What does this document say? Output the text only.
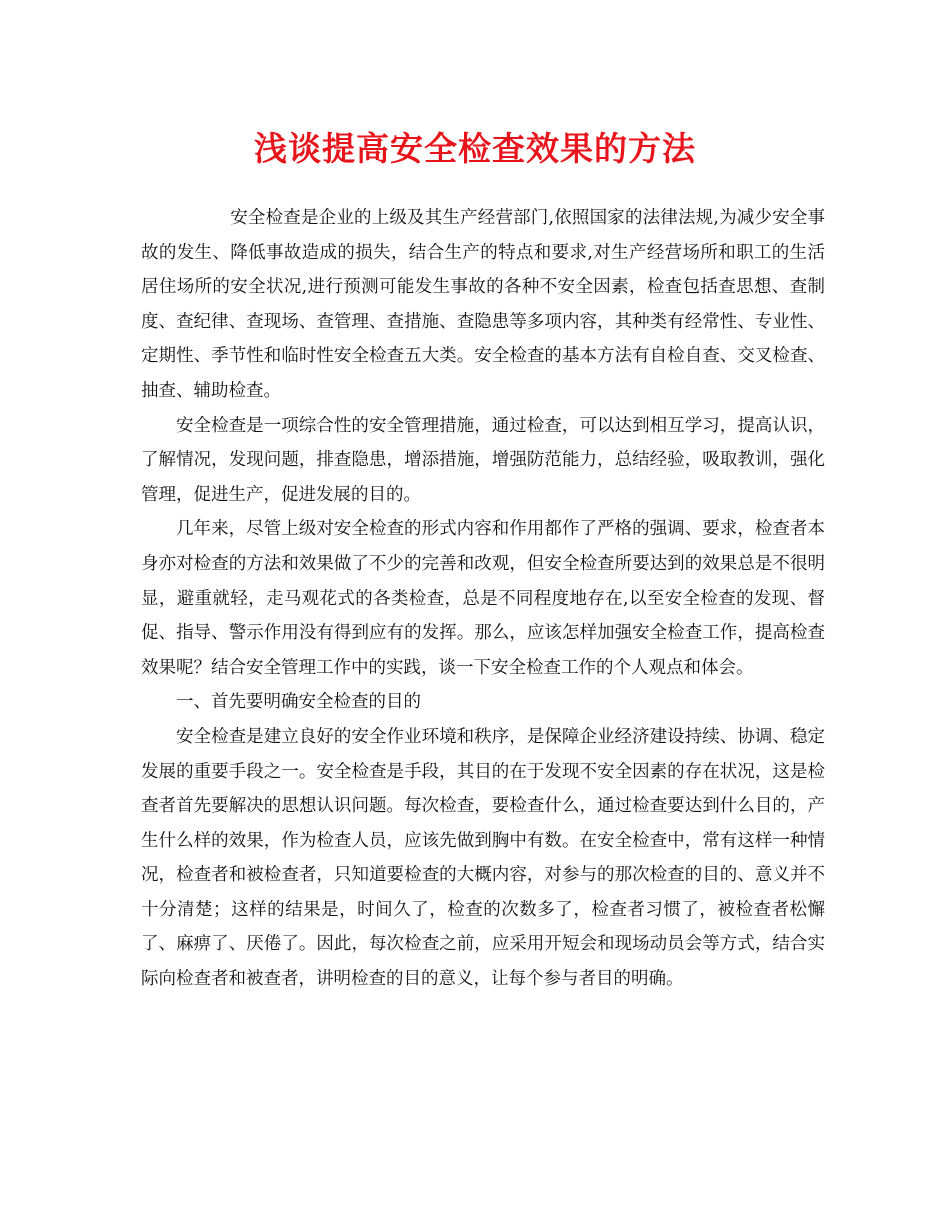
浅谈提高安全检查效果的方法

安全检查是企业的上级及其生产经营部门,依照国家的法律法规,为减少安全事故的发生、降低事故造成的损失，结合生产的特点和要求,对生产经营场所和职工的生活居住场所的安全状况,进行预测可能发生事故的各种不安全因素，检查包括查思想、查制度、查纪律、查现场、查管理、查措施、查隐患等多项内容，其种类有经常性、专业性、定期性、季节性和临时性安全检查五大类。安全检查的基本方法有自检自查、交叉检查、抽查、辅助检查。

安全检查是一项综合性的安全管理措施，通过检查，可以达到相互学习，提高认识，了解情况，发现问题，排查隐患，增添措施，增强防范能力，总结经验，吸取教训，强化管理，促进生产，促进发展的目的。

几年来，尽管上级对安全检查的形式内容和作用都作了严格的强调、要求，检查者本身亦对检查的方法和效果做了不少的完善和改观，但安全检查所要达到的效果总是不很明显，避重就轻，走马观花式的各类检查，总是不同程度地存在,以至安全检查的发现、督促、指导、警示作用没有得到应有的发挥。那么，应该怎样加强安全检查工作，提高检查效果呢？结合安全管理工作中的实践，谈一下安全检查工作的个人观点和体会。

一、首先要明确安全检查的目的

安全检查是建立良好的安全作业环境和秩序，是保障企业经济建设持续、协调、稳定发展的重要手段之一。安全检查是手段，其目的在于发现不安全因素的存在状况，这是检查者首先要解决的思想认识问题。每次检查，要检查什么，通过检查要达到什么目的，产生什么样的效果，作为检查人员，应该先做到胸中有数。在安全检查中，常有这样一种情况，检查者和被检查者，只知道要检查的大概内容，对参与的那次检查的目的、意义并不十分清楚；这样的结果是，时间久了，检查的次数多了，检查者习惯了，被检查者松懈了、麻痹了、厌倦了。因此，每次检查之前，应采用开短会和现场动员会等方式，结合实际向检查者和被查者，讲明检查的目的意义，让每个参与者目的明确。
